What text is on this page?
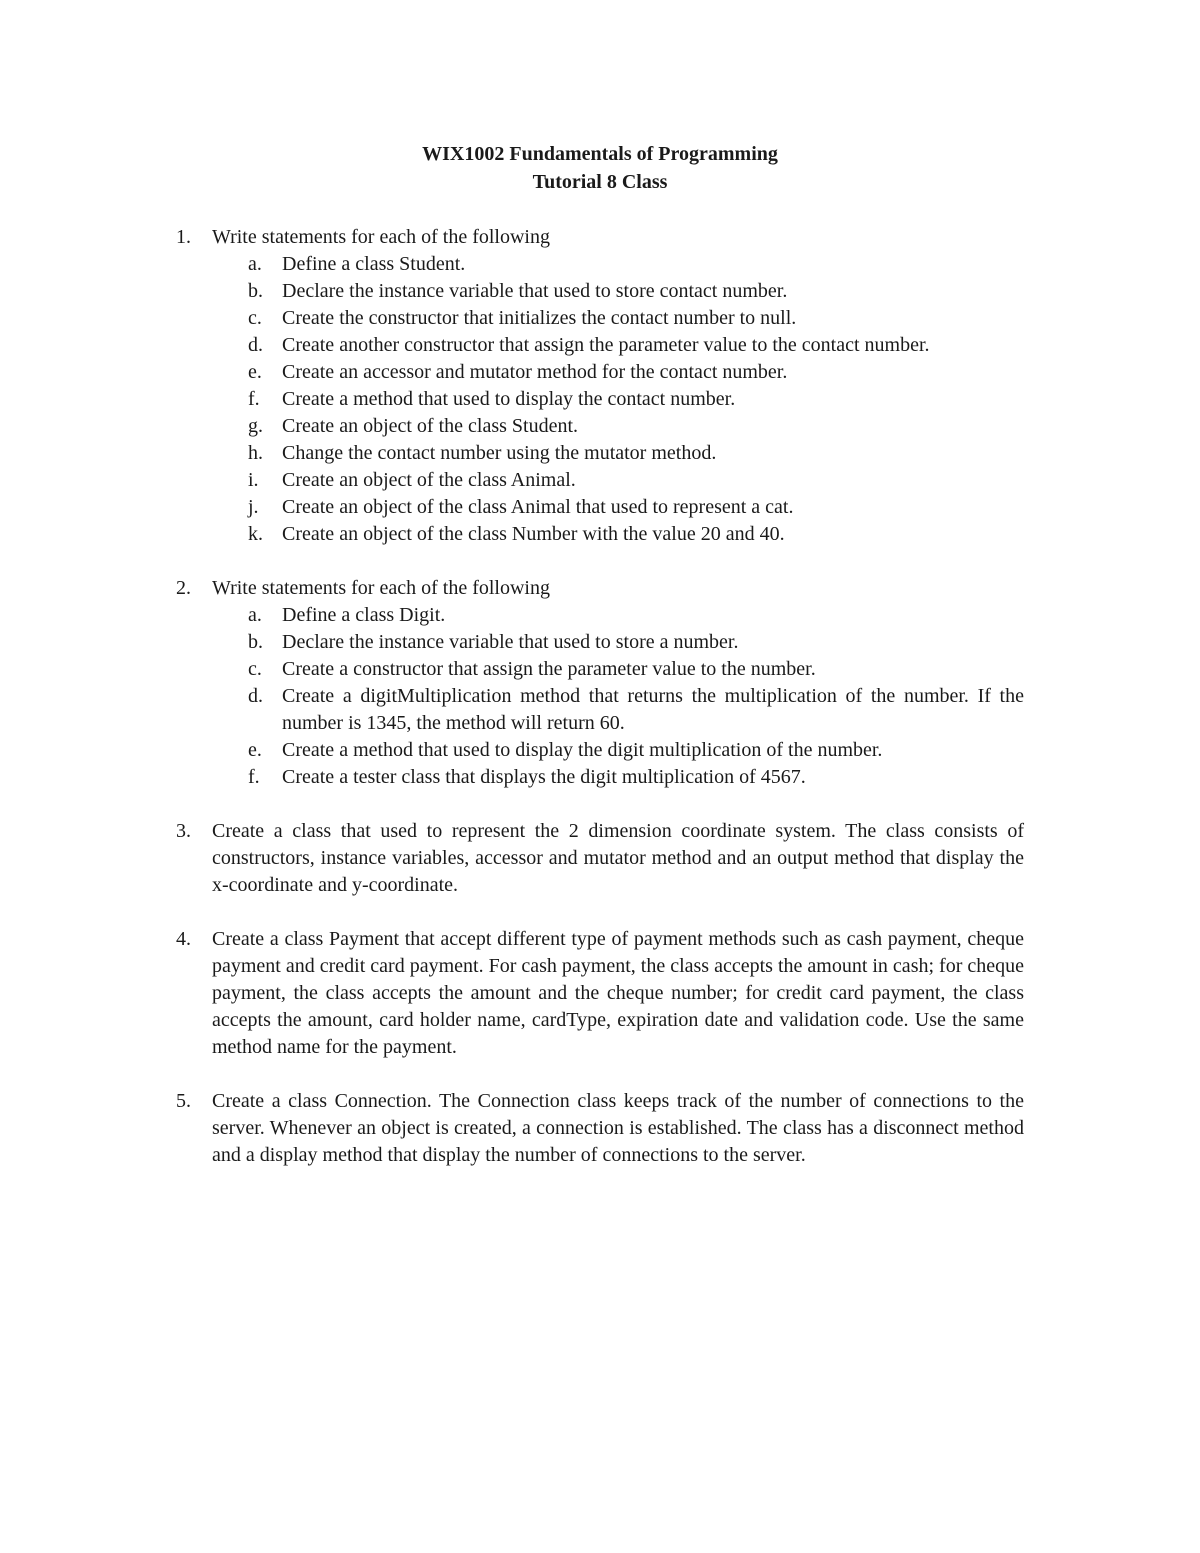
WIX1002 Fundamentals of Programming
Tutorial 8 Class
1. Write statements for each of the following
a. Define a class Student.
b. Declare the instance variable that used to store contact number.
c. Create the constructor that initializes the contact number to null.
d. Create another constructor that assign the parameter value to the contact number.
e. Create an accessor and mutator method for the contact number.
f. Create a method that used to display the contact number.
g. Create an object of the class Student.
h. Change the contact number using the mutator method.
i. Create an object of the class Animal.
j. Create an object of the class Animal that used to represent a cat.
k. Create an object of the class Number with the value 20 and 40.
2. Write statements for each of the following
a. Define a class Digit.
b. Declare the instance variable that used to store a number.
c. Create a constructor that assign the parameter value to the number.
d. Create a digitMultiplication method that returns the multiplication of the number. If the number is 1345, the method will return 60.
e. Create a method that used to display the digit multiplication of the number.
f. Create a tester class that displays the digit multiplication of 4567.
3. Create a class that used to represent the 2 dimension coordinate system. The class consists of constructors, instance variables, accessor and mutator method and an output method that display the x-coordinate and y-coordinate.
4. Create a class Payment that accept different type of payment methods such as cash payment, cheque payment and credit card payment. For cash payment, the class accepts the amount in cash; for cheque payment, the class accepts the amount and the cheque number; for credit card payment, the class accepts the amount, card holder name, cardType, expiration date and validation code. Use the same method name for the payment.
5. Create a class Connection. The Connection class keeps track of the number of connections to the server. Whenever an object is created, a connection is established. The class has a disconnect method and a display method that display the number of connections to the server.
